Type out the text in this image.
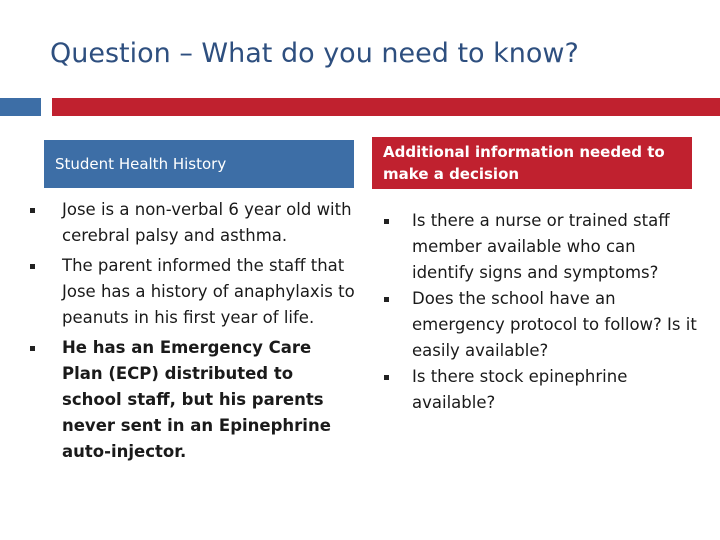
Question – What do you need to know?
Student Health History
Jose is a non-verbal 6 year old with cerebral palsy and asthma.
The parent informed the staff that Jose has a history of anaphylaxis to peanuts in his first year of life.
He has an Emergency Care Plan (ECP) distributed to school staff, but his parents never sent in an Epinephrine auto-injector.
Additional information needed to make a decision
Is there a nurse or trained staff member available who can identify signs and symptoms?
Does the school have an emergency protocol to follow? Is it easily available?
Is there stock epinephrine available?
